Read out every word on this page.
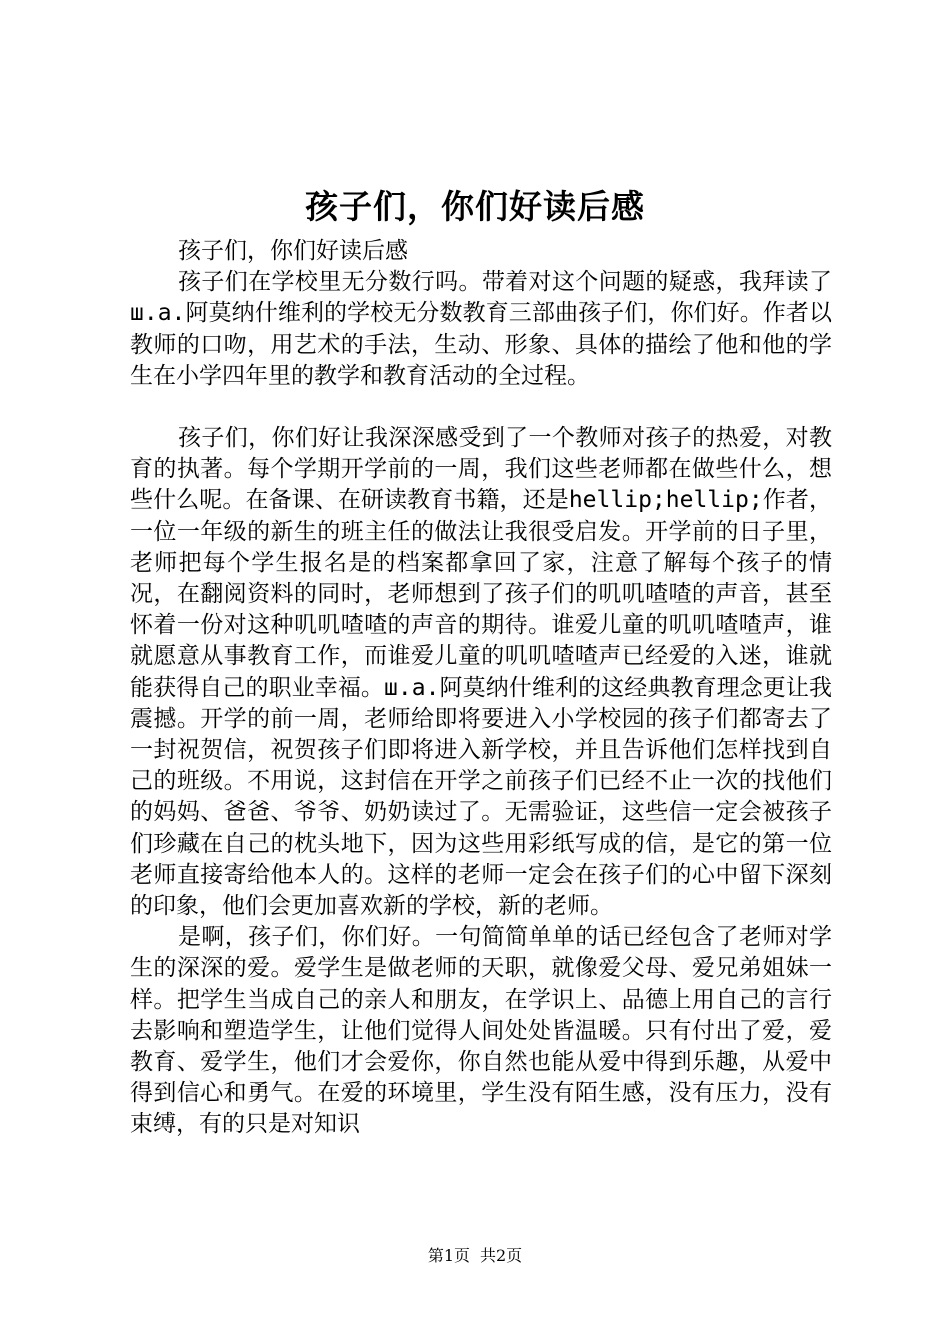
孩子们，你们好读后感

孩子们，你们好读后感

孩子们在学校里无分数行吗。带着对这个问题的疑惑，我拜读了ш.a.阿莫纳什维利的学校无分数教育三部曲孩子们，你们好。作者以教师的口吻，用艺术的手法，生动、形象、具体的描绘了他和他的学生在小学四年里的教学和教育活动的全过程。

孩子们，你们好让我深深感受到了一个教师对孩子的热爱，对教育的执著。每个学期开学前的一周，我们这些老师都在做些什么，想些什么呢。在备课、在研读教育书籍，还是hellip;hellip;作者，一位一年级的新生的班主任的做法让我很受启发。开学前的日子里，老师把每个学生报名是的档案都拿回了家，注意了解每个孩子的情况，在翻阅资料的同时，老师想到了孩子们的叽叽喳喳的声音，甚至怀着一份对这种叽叽喳喳的声音的期待。谁爱儿童的叽叽喳喳声，谁就愿意从事教育工作，而谁爱儿童的叽叽喳喳声已经爱的入迷，谁就能获得自己的职业幸福。ш.a.阿莫纳什维利的这经典教育理念更让我震撼。开学的前一周，老师给即将要进入小学校园的孩子们都寄去了一封祝贺信，祝贺孩子们即将进入新学校，并且告诉他们怎样找到自己的班级。不用说，这封信在开学之前孩子们已经不止一次的找他们的妈妈、爸爸、爷爷、奶奶读过了。无需验证，这些信一定会被孩子们珍藏在自己的枕头地下，因为这些用彩纸写成的信，是它的第一位老师直接寄给他本人的。这样的老师一定会在孩子们的心中留下深刻的印象，他们会更加喜欢新的学校，新的老师。

是啊，孩子们，你们好。一句简简单单的话已经包含了老师对学生的深深的爱。爱学生是做老师的天职，就像爱父母、爱兄弟姐妹一样。把学生当成自己的亲人和朋友，在学识上、品德上用自己的言行去影响和塑造学生，让他们觉得人间处处皆温暖。只有付出了爱，爱教育、爱学生，他们才会爱你，你自然也能从爱中得到乐趣，从爱中得到信心和勇气。在爱的环境里，学生没有陌生感，没有压力，没有束缚，有的只是对知识

第1页 共2页
